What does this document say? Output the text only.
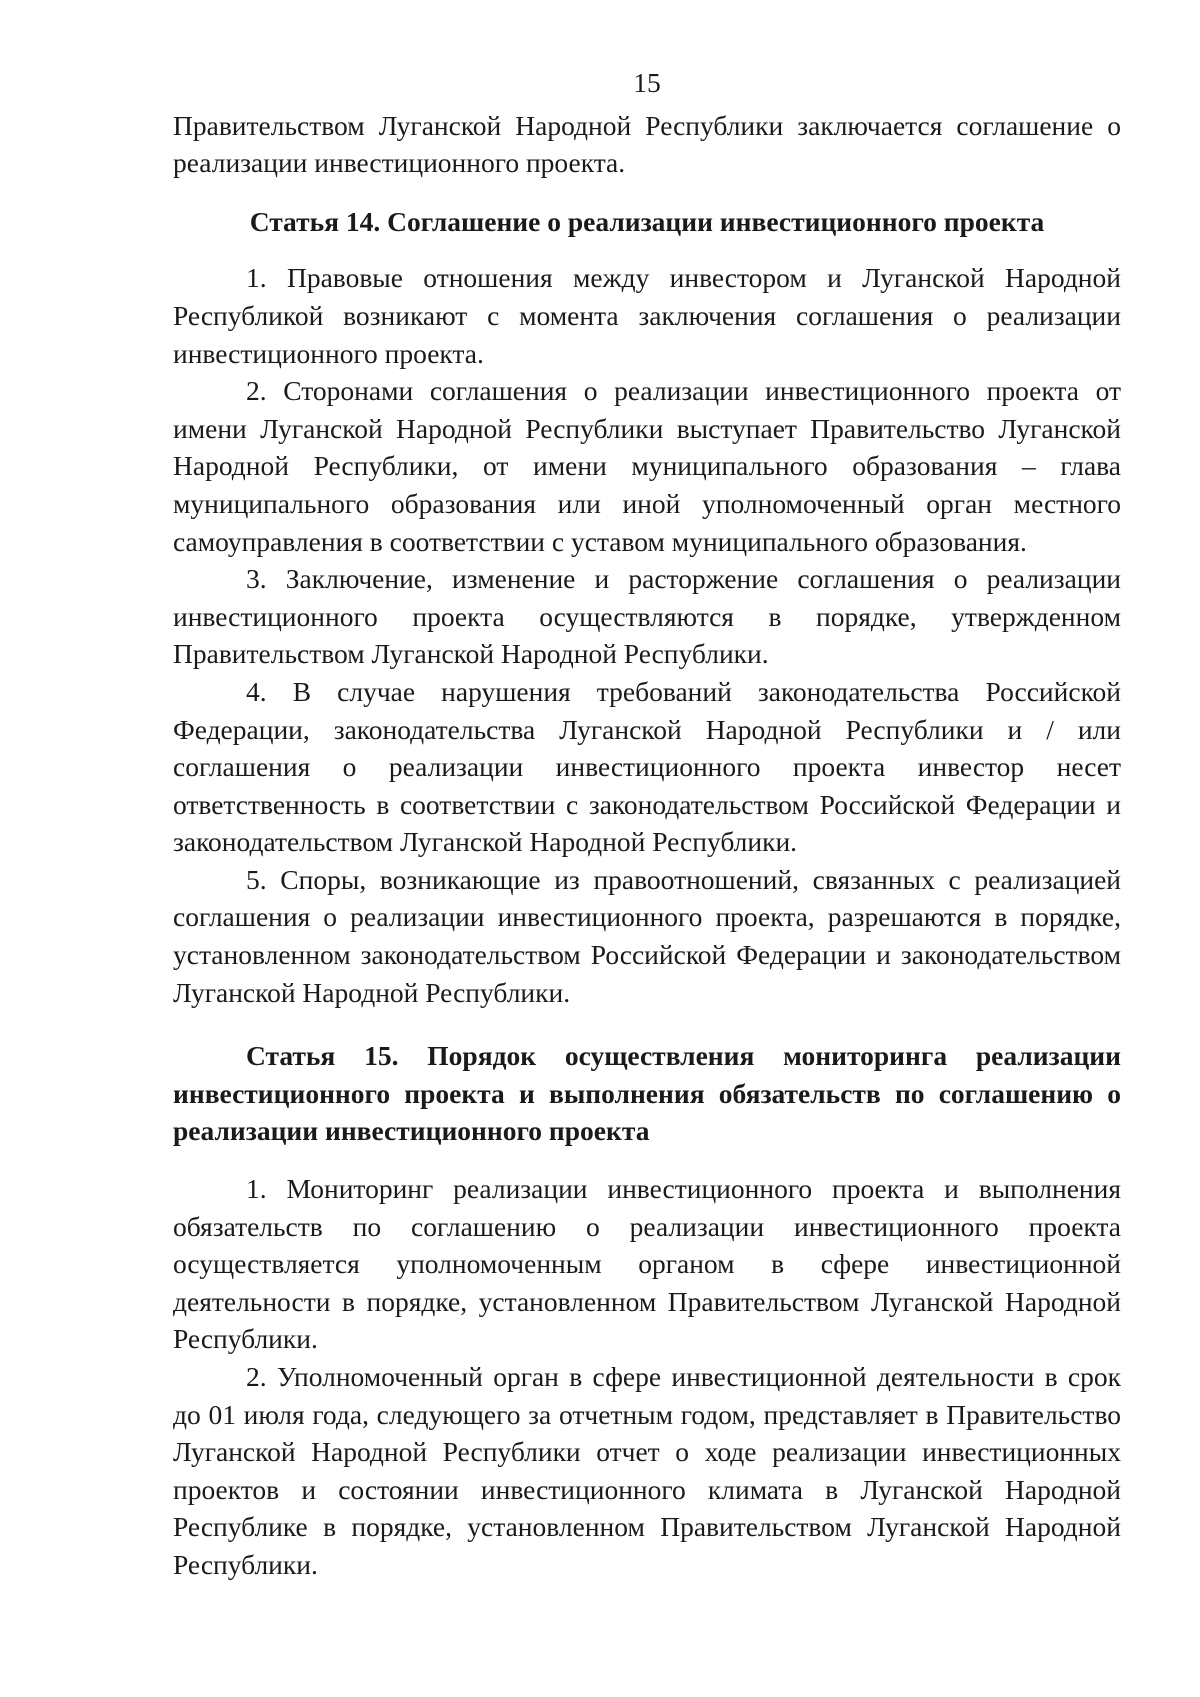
15

Правительством Луганской Народной Республики заключается соглашение о реализации инвестиционного проекта.

Статья 14. Соглашение о реализации инвестиционного проекта

1. Правовые отношения между инвестором и Луганской Народной Республикой возникают с момента заключения соглашения о реализации инвестиционного проекта.

2. Сторонами соглашения о реализации инвестиционного проекта от имени Луганской Народной Республики выступает Правительство Луганской Народной Республики, от имени муниципального образования – глава муниципального образования или иной уполномоченный орган местного самоуправления в соответствии с уставом муниципального образования.

3. Заключение, изменение и расторжение соглашения о реализации инвестиционного проекта осуществляются в порядке, утвержденном Правительством Луганской Народной Республики.

4. В случае нарушения требований законодательства Российской Федерации, законодательства Луганской Народной Республики и / или соглашения о реализации инвестиционного проекта инвестор несет ответственность в соответствии с законодательством Российской Федерации и законодательством Луганской Народной Республики.

5. Споры, возникающие из правоотношений, связанных с реализацией соглашения о реализации инвестиционного проекта, разрешаются в порядке, установленном законодательством Российской Федерации и законодательством Луганской Народной Республики.

Статья 15. Порядок осуществления мониторинга реализации инвестиционного проекта и выполнения обязательств по соглашению о реализации инвестиционного проекта

1. Мониторинг реализации инвестиционного проекта и выполнения обязательств по соглашению о реализации инвестиционного проекта осуществляется уполномоченным органом в сфере инвестиционной деятельности в порядке, установленном Правительством Луганской Народной Республики.

2. Уполномоченный орган в сфере инвестиционной деятельности в срок до 01 июля года, следующего за отчетным годом, представляет в Правительство Луганской Народной Республики отчет о ходе реализации инвестиционных проектов и состоянии инвестиционного климата в Луганской Народной Республике в порядке, установленном Правительством Луганской Народной Республики.
